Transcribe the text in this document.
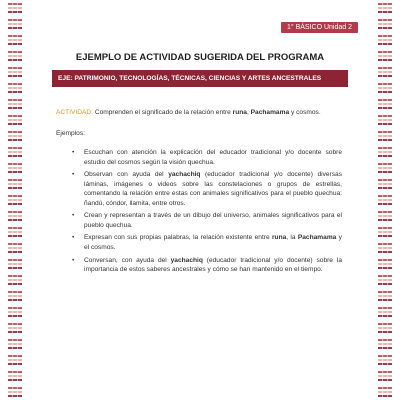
1° BÁSICO Unidad 2
EJEMPLO DE ACTIVIDAD SUGERIDA DEL PROGRAMA
EJE: PATRIMONIO, TECNOLOGÍAS, TÉCNICAS, CIENCIAS Y ARTES ANCESTRALES

ACTIVIDAD: Comprenden el significado de la relación entre runa, Pachamama y cosmos.

Ejemplos:

• Escuchan con atención la explicación del educador tradicional y/o docente sobre estudio del cosmos según la visión quechua.
• Observan con ayuda del yachachiq (educador tradicional y/o docente) diversas láminas, imágenes o videos sobre las constelaciones o grupos de estrellas, comentando la relación entre estas con animales significativos para el pueblo quechua: ñandú, cóndor, llamita, entre otros.
• Crean y representan a través de un dibujo del universo, animales significativos para el pueblo quechua.
• Expresan con sus propias palabras, la relación existente entre runa, la Pachamama y el cosmos.
• Conversan, con ayuda del yachachiq (educador tradicional y/o docente) sobre la importancia de estos saberes ancestrales y cómo se han mantenido en el tiempo.
